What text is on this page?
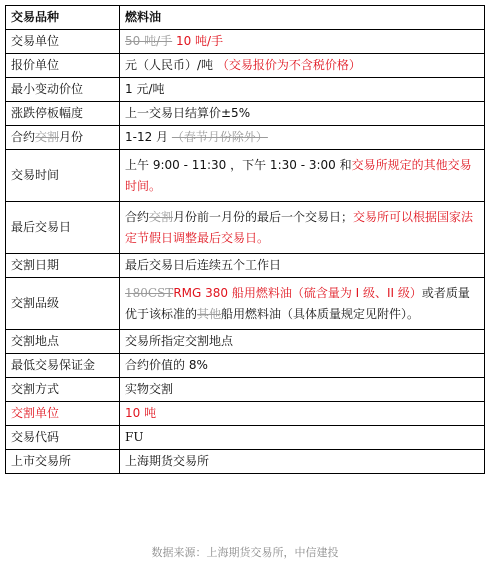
交易品种	燃料油
交易单位	50 吨/手 10 吨/手
报价单位	元（人民币）/吨 （交易报价为不含税价格）
最小变动价位	1 元/吨
涨跌停板幅度	上一交易日结算价±5%
合约交割月份	1-12 月 （春节月份除外）
交易时间	上午 9:00 - 11:30 ，下午 1:30 - 3:00 和交易所规定的其他交易时间。
最后交易日	合约交割月份前一月份的最后一个交易日；交易所可以根据国家法定节假日调整最后交易日。
交割日期	最后交易日后连续五个工作日
交割品级	180CSTRMG 380 船用燃料油（硫含量为 I 级、II 级）或者质量优于该标准的其他船用燃料油（具体质量规定见附件）。
交割地点	交易所指定交割地点
最低交易保证金	合约价值的 8%
交割方式	实物交割
交割单位	10 吨
交易代码	FU
上市交易所	上海期货交易所
数据来源：上海期货交易所，中信建投
